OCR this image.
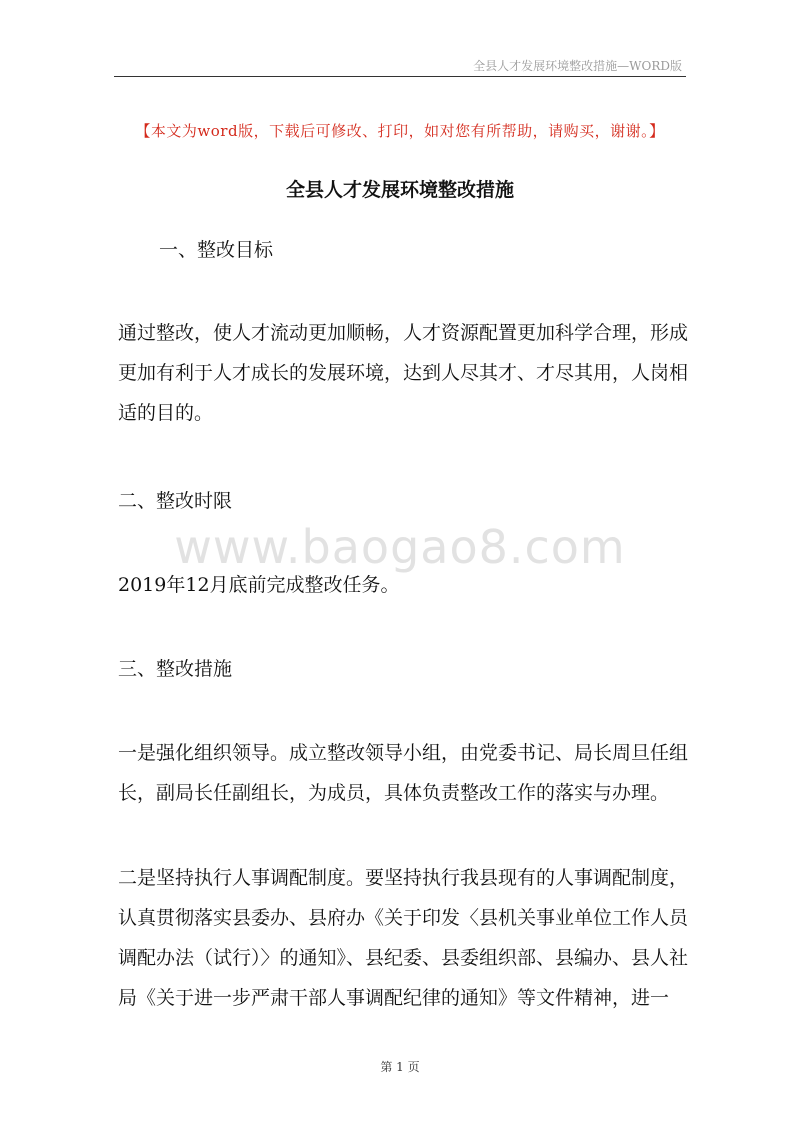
全县人才发展环境整改措施—WORD版
【本文为word版，下载后可修改、打印，如对您有所帮助，请购买，谢谢。】
全县人才发展环境整改措施
一、整改目标
通过整改，使人才流动更加顺畅，人才资源配置更加科学合理，形成更加有利于人才成长的发展环境，达到人尽其才、才尽其用，人岗相适的目的。
二、整改时限
www.baogao8.com
2019年12月底前完成整改任务。
三、整改措施
一是强化组织领导。成立整改领导小组，由党委书记、局长周旦任组长，副局长任副组长，为成员，具体负责整改工作的落实与办理。
二是坚持执行人事调配制度。要坚持执行我县现有的人事调配制度，认真贯彻落实县委办、县府办《关于印发〈县机关事业单位工作人员调配办法（试行）〉的通知》、县纪委、县委组织部、县编办、县人社局《关于进一步严肃干部人事调配纪律的通知》等文件精神，进一
第 1 页
